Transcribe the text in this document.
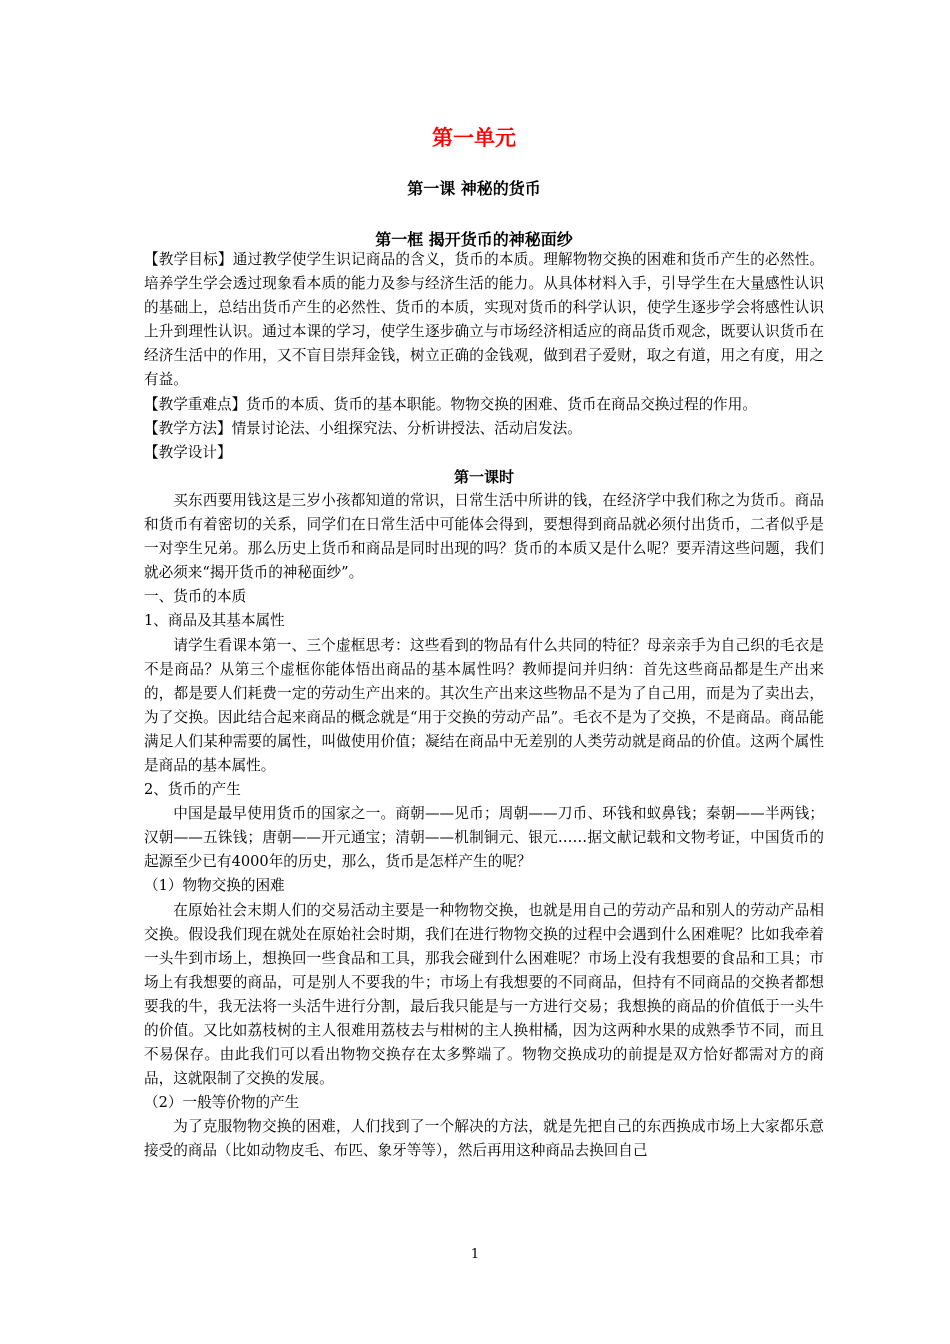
第一单元
第一课 神秘的货币
第一框 揭开货币的神秘面纱

【教学目标】通过教学使学生识记商品的含义，货币的本质。理解物物交换的困难和货币产生的必然性。培养学生学会透过现象看本质的能力及参与经济生活的能力。从具体材料入手，引导学生在大量感性认识的基础上，总结出货币产生的必然性、货币的本质，实现对货币的科学认识，使学生逐步学会将感性认识上升到理性认识。通过本课的学习，使学生逐步确立与市场经济相适应的商品货币观念，既要认识货币在经济生活中的作用，又不盲目崇拜金钱，树立正确的金钱观，做到君子爱财，取之有道，用之有度，用之有益。

【教学重难点】货币的本质、货币的基本职能。物物交换的困难、货币在商品交换过程的作用。

【教学方法】情景讨论法、小组探究法、分析讲授法、活动启发法。

【教学设计】

第一课时

买东西要用钱这是三岁小孩都知道的常识，日常生活中所讲的钱，在经济学中我们称之为货币。商品和货币有着密切的关系，同学们在日常生活中可能体会得到，要想得到商品就必须付出货币，二者似乎是一对孪生兄弟。那么历史上货币和商品是同时出现的吗？货币的本质又是什么呢？要弄清这些问题，我们就必须来“揭开货币的神秘面纱”。

一、货币的本质

1、商品及其基本属性

请学生看课本第一、三个虚框思考：这些看到的物品有什么共同的特征？母亲亲手为自己织的毛衣是不是商品？从第三个虚框你能体悟出商品的基本属性吗？教师提问并归纳：首先这些商品都是生产出来的，都是要人们耗费一定的劳动生产出来的。其次生产出来这些物品不是为了自己用，而是为了卖出去，为了交换。因此结合起来商品的概念就是“用于交换的劳动产品”。毛衣不是为了交换，不是商品。商品能满足人们某种需要的属性，叫做使用价值；凝结在商品中无差别的人类劳动就是商品的价值。这两个属性是商品的基本属性。

2、货币的产生

中国是最早使用货币的国家之一。商朝——见币；周朝——刀币、环钱和蚁鼻钱；秦朝——半两钱；汉朝——五铢钱；唐朝——开元通宝；清朝——机制铜元、银元……据文献记载和文物考证，中国货币的起源至少已有4000年的历史，那么，货币是怎样产生的呢？

（1）物物交换的困难

在原始社会末期人们的交易活动主要是一种物物交换，也就是用自己的劳动产品和别人的劳动产品相交换。假设我们现在就处在原始社会时期，我们在进行物物交换的过程中会遇到什么困难呢？比如我牵着一头牛到市场上，想换回一些食品和工具，那我会碰到什么困难呢？市场上没有我想要的食品和工具；市场上有我想要的商品，可是别人不要我的牛；市场上有我想要的不同商品，但持有不同商品的交换者都想要我的牛，我无法将一头活牛进行分割，最后我只能是与一方进行交易；我想换的商品的价值低于一头牛的价值。又比如荔枝树的主人很难用荔枝去与柑树的主人换柑橘，因为这两种水果的成熟季节不同，而且不易保存。由此我们可以看出物物交换存在太多弊端了。物物交换成功的前提是双方恰好都需对方的商品，这就限制了交换的发展。

（2）一般等价物的产生

为了克服物物交换的困难，人们找到了一个解决的方法，就是先把自己的东西换成市场上大家都乐意接受的商品（比如动物皮毛、布匹、象牙等等），然后再用这种商品去换回自己

1
